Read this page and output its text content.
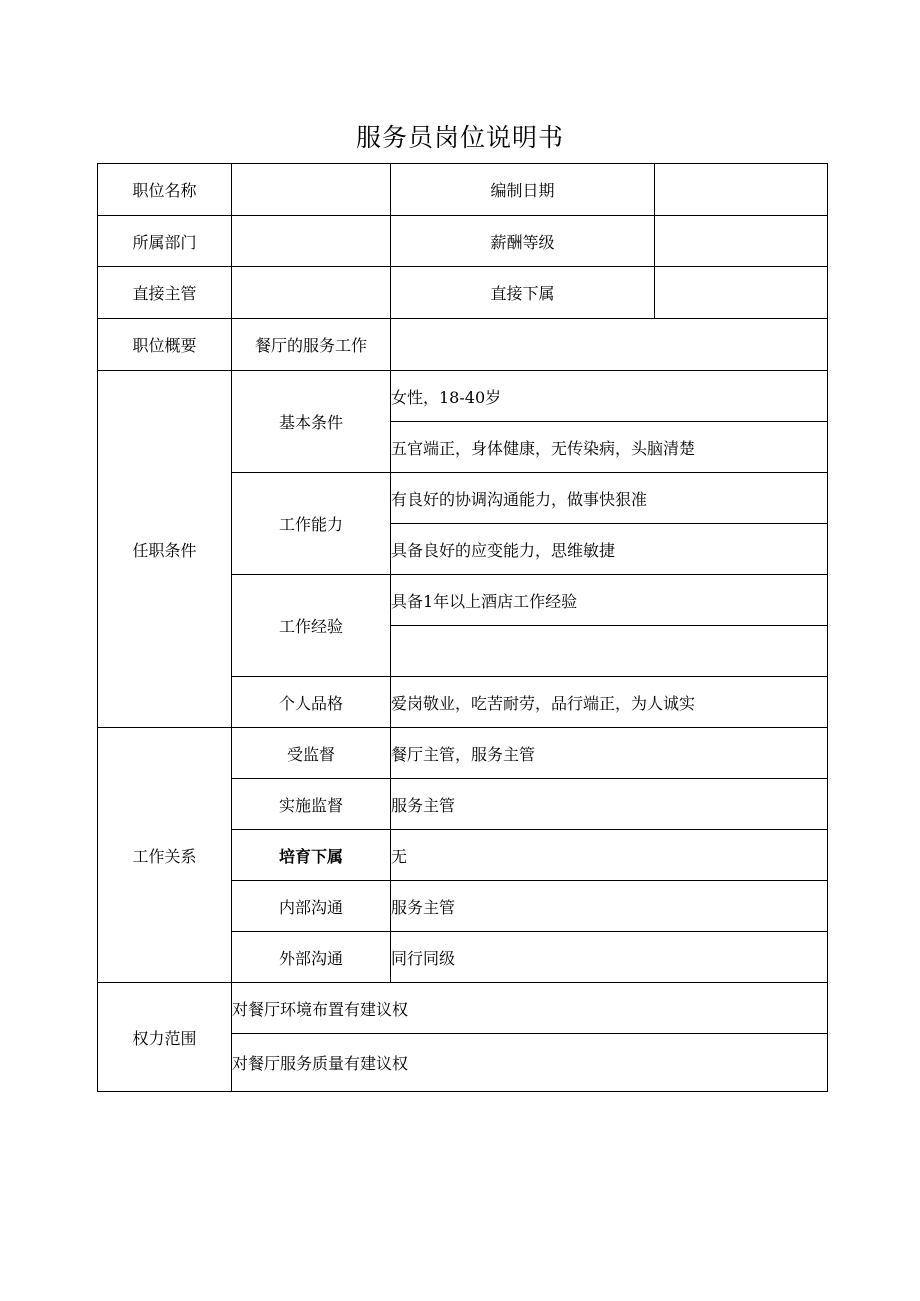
服务员岗位说明书
职位名称		编制日期	
所属部门		薪酬等级	
直接主管		直接下属	
职位概要	餐厅的服务工作		
任职条件	基本条件	女性，18-40岁	
		五官端正，身体健康，无传染病，头脑清楚	
	工作能力	有良好的协调沟通能力，做事快狠准	
		具备良好的应变能力，思维敏捷	
	工作经验	具备1年以上酒店工作经验	

	个人品格	爱岗敬业，吃苦耐劳，品行端正，为人诚实	
工作关系	受监督	餐厅主管，服务主管	
	实施监督	服务主管	
	培育下属	无	
	内部沟通	服务主管	
	外部沟通	同行同级	
权力范围	对餐厅环境布置有建议权		
	对餐厅服务质量有建议权		
